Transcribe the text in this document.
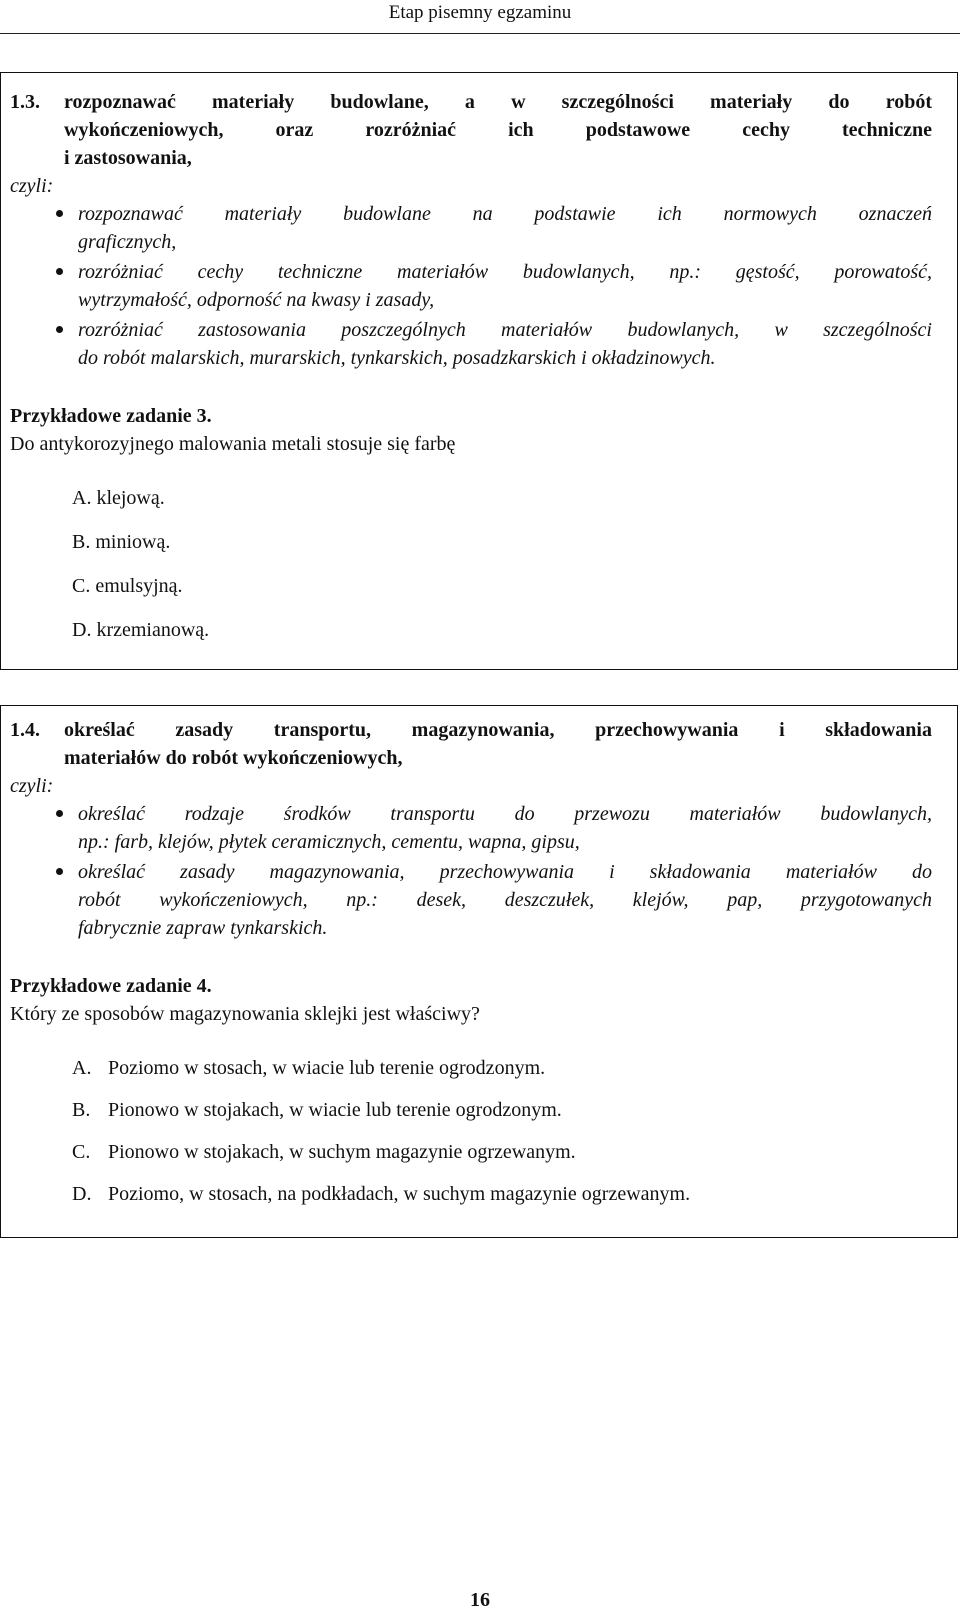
Etap pisemny egzaminu
1.3. rozpoznawać materiały budowlane, a w szczególności materiały do robót
wykończeniowych, oraz rozróżniać ich podstawowe cechy techniczne
i zastosowania,
czyli:
rozpoznawać materiały budowlane na podstawie ich normowych oznaczeń
graficznych,
rozróżniać cechy techniczne materiałów budowlanych, np.: gęstość, porowatość,
wytrzymałość, odporność na kwasy i zasady,
rozróżniać zastosowania poszczególnych materiałów budowlanych, w szczególności
do robót malarskich, murarskich, tynkarskich, posadzkarskich i okładzinowych.
Przykładowe zadanie 3.
Do antykorozyjnego malowania metali stosuje się farbę
A. klejową.
B. miniową.
C. emulsyjną.
D. krzemianową.
1.4. określać zasady transportu, magazynowania, przechowywania i składowania
materiałów do robót wykończeniowych,
czyli:
określać rodzaje środków transportu do przewozu materiałów budowlanych,
np.: farb, klejów, płytek ceramicznych, cementu, wapna, gipsu,
określać zasady magazynowania, przechowywania i składowania materiałów do
robót wykończeniowych, np.: desek, deszczułek, klejów, pap, przygotowanych
fabrycznie zapraw tynkarskich.
Przykładowe zadanie 4.
Który ze sposobów magazynowania sklejki jest właściwy?
A. Poziomo w stosach, w wiacie lub terenie ogrodzonym.
B. Pionowo w stojakach, w wiacie lub terenie ogrodzonym.
C. Pionowo w stojakach, w suchym magazynie ogrzewanym.
D. Poziomo, w stosach, na podkładach, w suchym magazynie ogrzewanym.
16
